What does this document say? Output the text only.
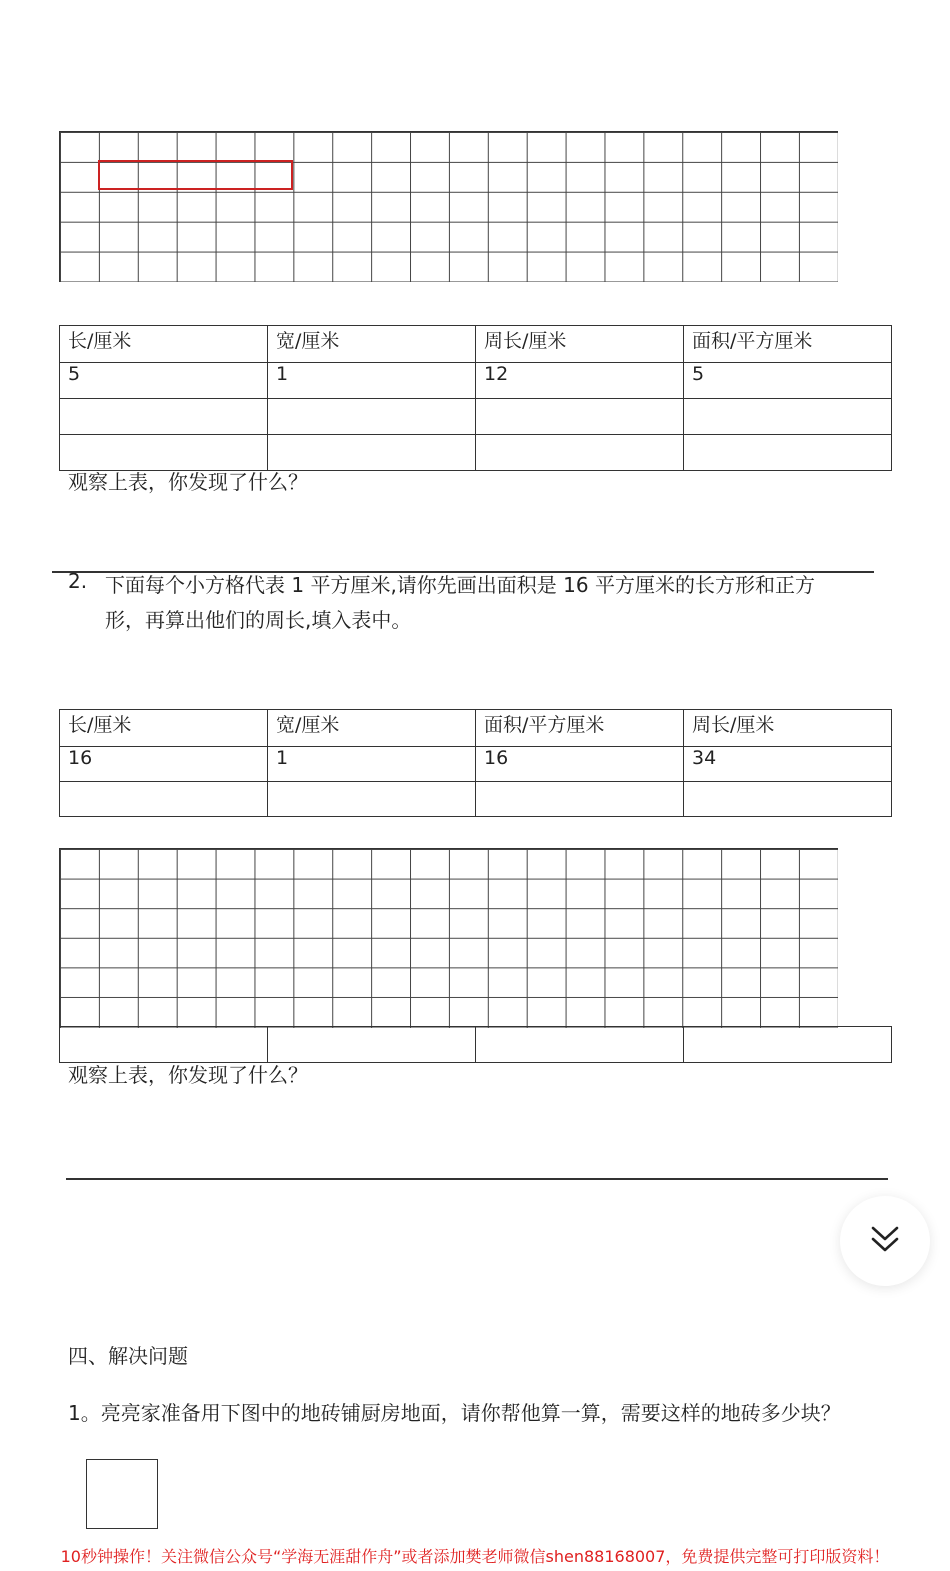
长/厘米	宽/厘米	周长/厘米	面积/平方厘米
5	1	12	5

观察上表，你发现了什么？
2. 下面每个小方格代表 1 平方厘米,请你先画出面积是 16 平方厘米的长方形和正方
形，再算出他们的周长,填入表中。
长/厘米	宽/厘米	面积/平方厘米	周长/厘米
16	1	16	34

观察上表，你发现了什么？
四、解决问题
1。亮亮家准备用下图中的地砖铺厨房地面，请你帮他算一算，需要这样的地砖多少块？
10秒钟操作！关注微信公众号“学海无涯甜作舟”或者添加樊老师微信shen88168007，免费提供完整可打印版资料！
